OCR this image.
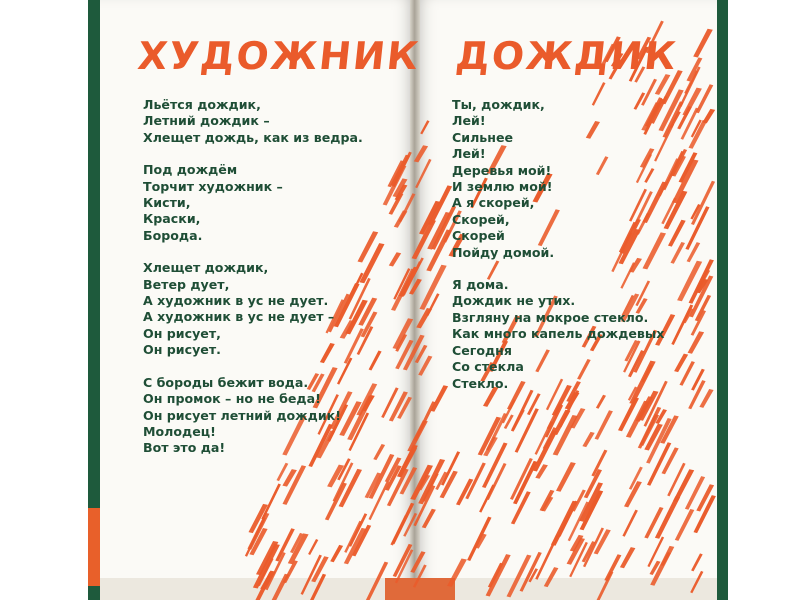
ХУДОЖНИК ДОЖДИК
Льётся дождик,
Летний дождик –
Хлещет дождь, как из ведра.
Под дождём
Торчит художник –
Кисти,
Краски,
Борода.
Хлещет дождик,
Ветер дует,
А художник в ус не дует.
А художник в ус не дует –
Он рисует,
Он рисует.
С бороды бежит вода.
Он промок – но не беда!
Он рисует летний дождик!
Молодец!
Вот это да!
Ты, дождик,
Лей!
Сильнее
Лей!
Деревья мой!
И землю мой!
А я скорей,
Скорей,
Скорей
Пойду домой.
Я дома.
Дождик не утих.
Взгляну на мокрое стекло.
Как много капель дождевых
Сегодня
Со стекла
Стекло.
